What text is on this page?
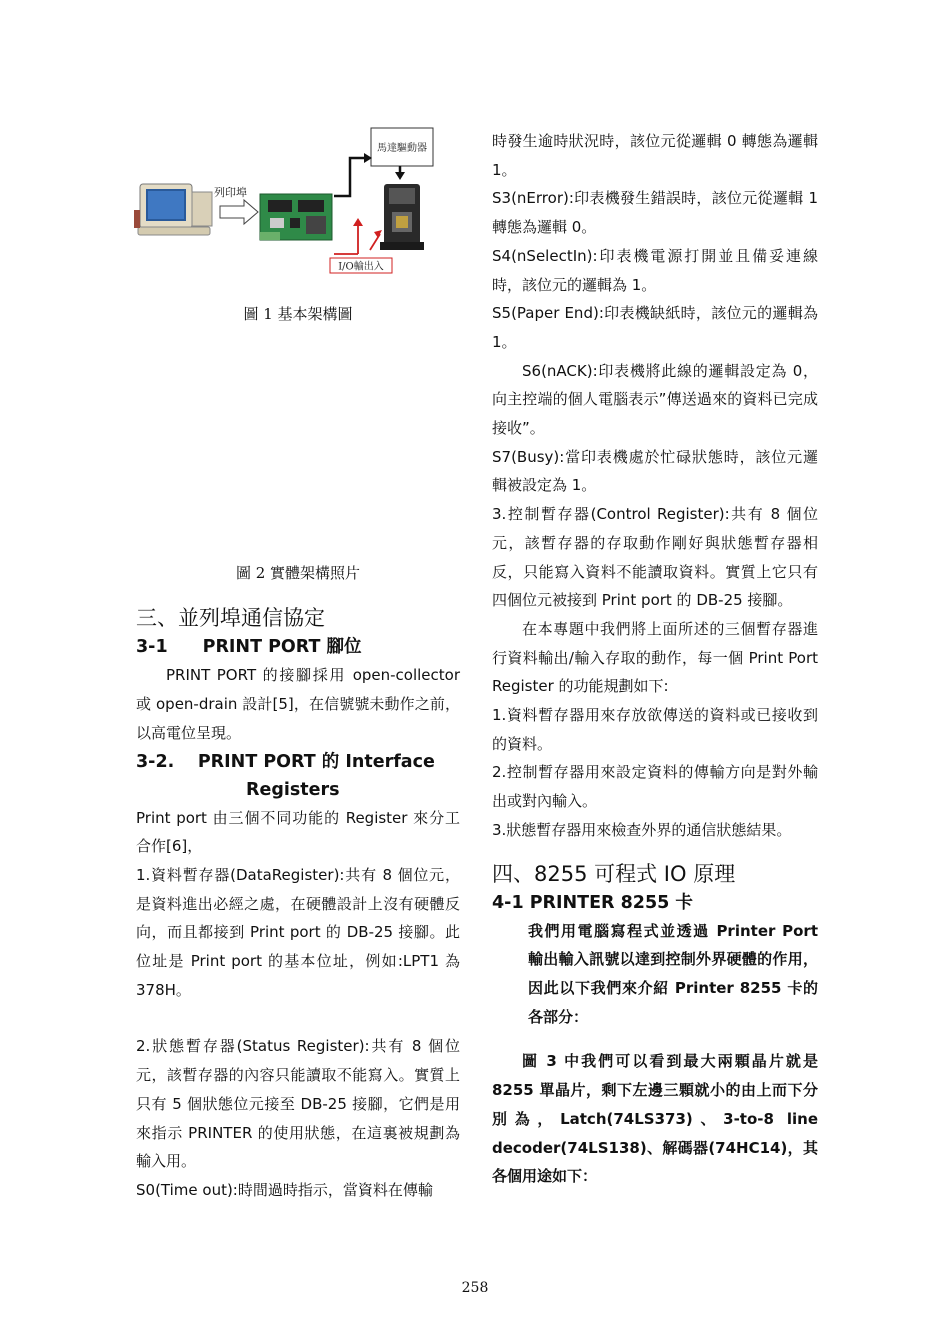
列印埠
馬達驅動器
I/O輸出入

圖 1 基本架構圖

圖 2 實體架構照片

三、並列埠通信協定

3-1　　PRINT PORT 腳位

PRINT PORT 的接腳採用 open-collector 或 open-drain 設計[5]，在信號號未動作之前，以高電位呈現。

3-2.　 PRINT PORT 的 Interface

Registers

Print port 由三個不同功能的 Register 來分工合作[6]，

1.資料暫存器(DataRegister):共有 8 個位元，是資料進出必經之處，在硬體設計上沒有硬體反向，而且都接到 Print port 的 DB-25 接腳。此位址是 Print port 的基本位址，例如:LPT1 為 378H。

2.狀態暫存器(Status Register):共有 8 個位元，該暫存器的內容只能讀取不能寫入。實質上只有 5 個狀態位元接至 DB-25 接腳，它們是用來指示 PRINTER 的使用狀態，在這裏被規劃為輸入用。

S0(Time out):時間過時指示，當資料在傳輸

時發生逾時狀況時，該位元從邏輯 0 轉態為邏輯 1。

S3(nError):印表機發生錯誤時，該位元從邏輯 1 轉態為邏輯 0。

S4(nSelectIn):印表機電源打開並且備妥連線時，該位元的邏輯為 1。

S5(Paper End):印表機缺紙時，該位元的邏輯為 1。

S6(nACK):印表機將此線的邏輯設定為 0，向主控端的個人電腦表示”傳送過來的資料已完成接收”。

S7(Busy):當印表機處於忙碌狀態時，該位元邏輯被設定為 1。

3.控制暫存器(Control Register):共有 8 個位元，該暫存器的存取動作剛好與狀態暫存器相反，只能寫入資料不能讀取資料。實質上它只有四個位元被接到 Print port 的 DB-25 接腳。

在本專題中我們將上面所述的三個暫存器進行資料輸出/輸入存取的動作，每一個 Print Port Register 的功能規劃如下:

1.資料暫存器用來存放欲傳送的資料或已接收到的資料。

2.控制暫存器用來設定資料的傳輸方向是對外輸出或對內輸入。

3.狀態暫存器用來檢查外界的通信狀態結果。

四、8255 可程式 IO 原理

4-1 PRINTER 8255 卡

我們用電腦寫程式並透過 Printer Port 輸出輸入訊號以達到控制外界硬體的作用，因此以下我們來介紹 Printer 8255 卡的各部分：

圖 3 中我們可以看到最大兩顆晶片就是 8255 單晶片，剩下左邊三顆就小的由上而下分別為，Latch(74LS373)、3-to-8 line decoder(74LS138)、解碼器(74HC14)，其各個用途如下：

258
